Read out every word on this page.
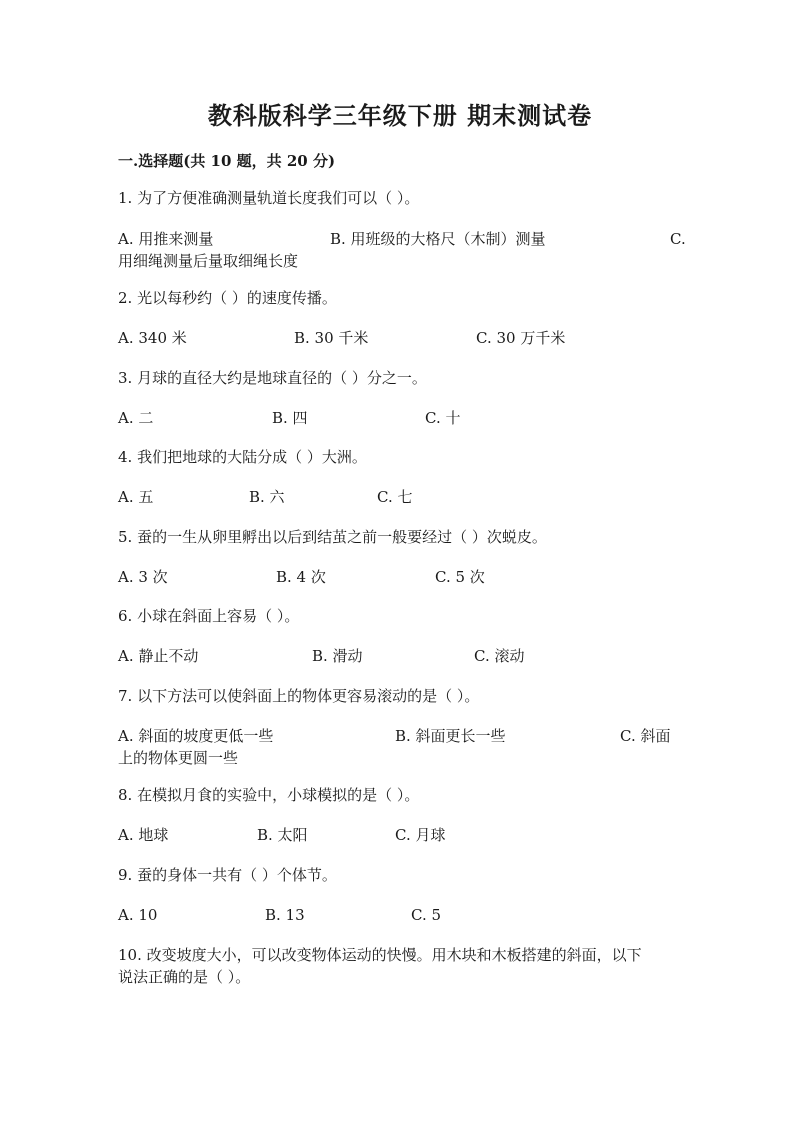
教科版科学三年级下册 期末测试卷
一.选择题(共 10 题，共 20 分)
1. 为了方便准确测量轨道长度我们可以（ ）。
A. 用推来测量	B. 用班级的大格尺（木制）测量	C.
用细绳测量后量取细绳长度
2. 光以每秒约（ ）的速度传播。
A. 340 米	B. 30 千米	C. 30 万千米
3. 月球的直径大约是地球直径的（ ）分之一。
A. 二	B. 四	C. 十
4. 我们把地球的大陆分成（ ）大洲。
A. 五	B. 六	C. 七
5. 蚕的一生从卵里孵出以后到结茧之前一般要经过（ ）次蜕皮。
A. 3 次	B. 4 次	C. 5 次
6. 小球在斜面上容易（ ）。
A. 静止不动	B. 滑动	C. 滚动
7. 以下方法可以使斜面上的物体更容易滚动的是（ ）。
A. 斜面的坡度更低一些	B. 斜面更长一些	C. 斜面
上的物体更圆一些
8. 在模拟月食的实验中，小球模拟的是（ ）。
A. 地球	B. 太阳	C. 月球
9. 蚕的身体一共有（ ）个体节。
A. 10	B. 13	C. 5
10. 改变坡度大小，可以改变物体运动的快慢。用木块和木板搭建的斜面，以下
说法正确的是（ ）。
